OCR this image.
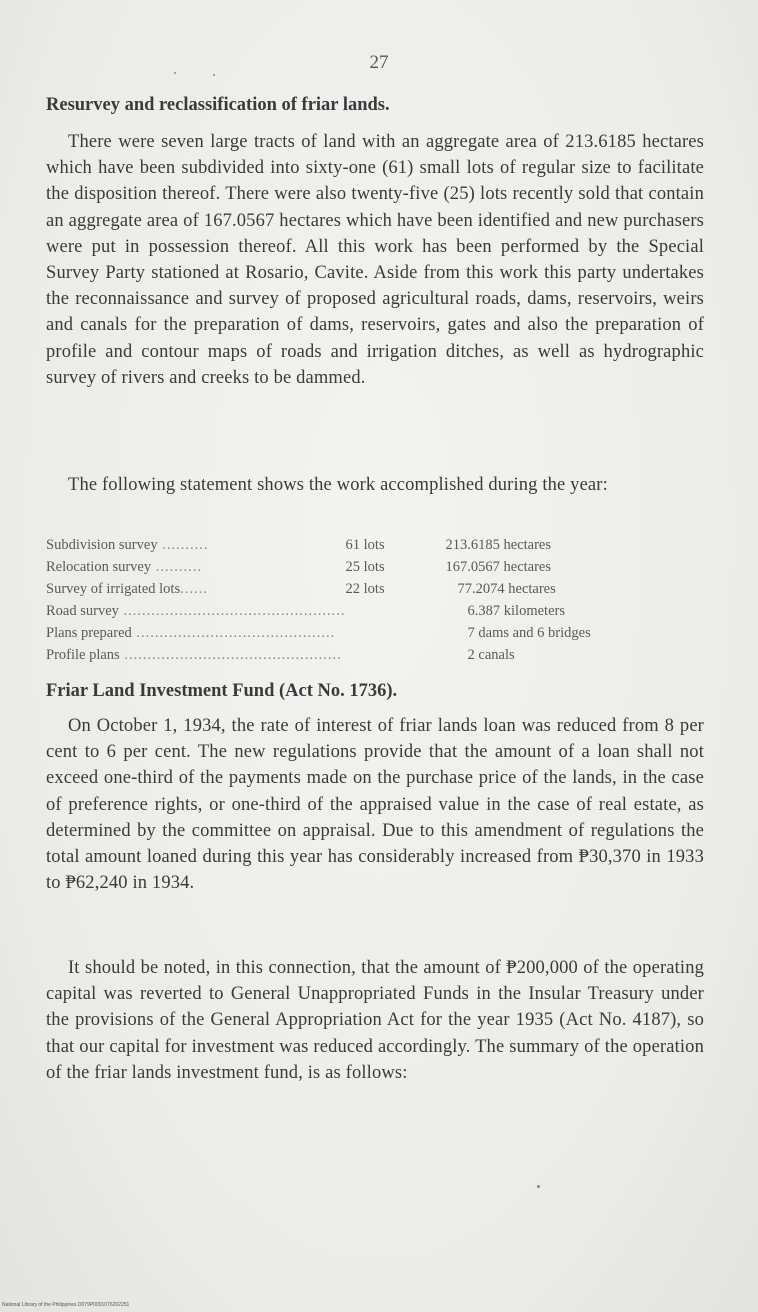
27
Resurvey and reclassification of friar lands.
There were seven large tracts of land with an aggregate area of 213.6185 hectares which have been subdivided into sixty-one (61) small lots of regular size to facilitate the disposition thereof. There were also twenty-five (25) lots recently sold that contain an aggregate area of 167.0567 hectares which have been identified and new purchasers were put in possession thereof. All this work has been performed by the Special Survey Party stationed at Rosario, Cavite. Aside from this work this party undertakes the reconnaissance and survey of proposed agricultural roads, dams, reservoirs, weirs and canals for the preparation of dams, reservoirs, gates and also the preparation of profile and contour maps of roads and irrigation ditches, as well as hydrographic survey of rivers and creeks to be dammed.
The following statement shows the work accomplished during the year:
Subdivision survey ..........	61 lots	213.6185 hectares
Relocation survey ..........	25 lots	167.0567 hectares
Survey of irrigated lots......	22 lots	77.2074 hectares
Road survey ................................................		6.387 kilometers
Plans prepared ...........................................		7 dams and 6 bridges
Profile plans ...............................................		2 canals
Friar Land Investment Fund (Act No. 1736).
On October 1, 1934, the rate of interest of friar lands loan was reduced from 8 per cent to 6 per cent. The new regulations provide that the amount of a loan shall not exceed one-third of the payments made on the purchase price of the lands, in the case of preference rights, or one-third of the appraised value in the case of real estate, as determined by the committee on appraisal. Due to this amendment of regulations the total amount loaned during this year has considerably increased from ₱30,370 in 1933 to ₱62,240 in 1934.
It should be noted, in this connection, that the amount of ₱200,000 of the operating capital was reverted to General Unappropriated Funds in the Insular Treasury under the provisions of the General Appropriation Act for the year 1935 (Act No. 4187), so that our capital for investment was reduced accordingly. The summary of the operation of the friar lands investment fund, is as follows:
National Library of the Philippines D079P0001076202251
